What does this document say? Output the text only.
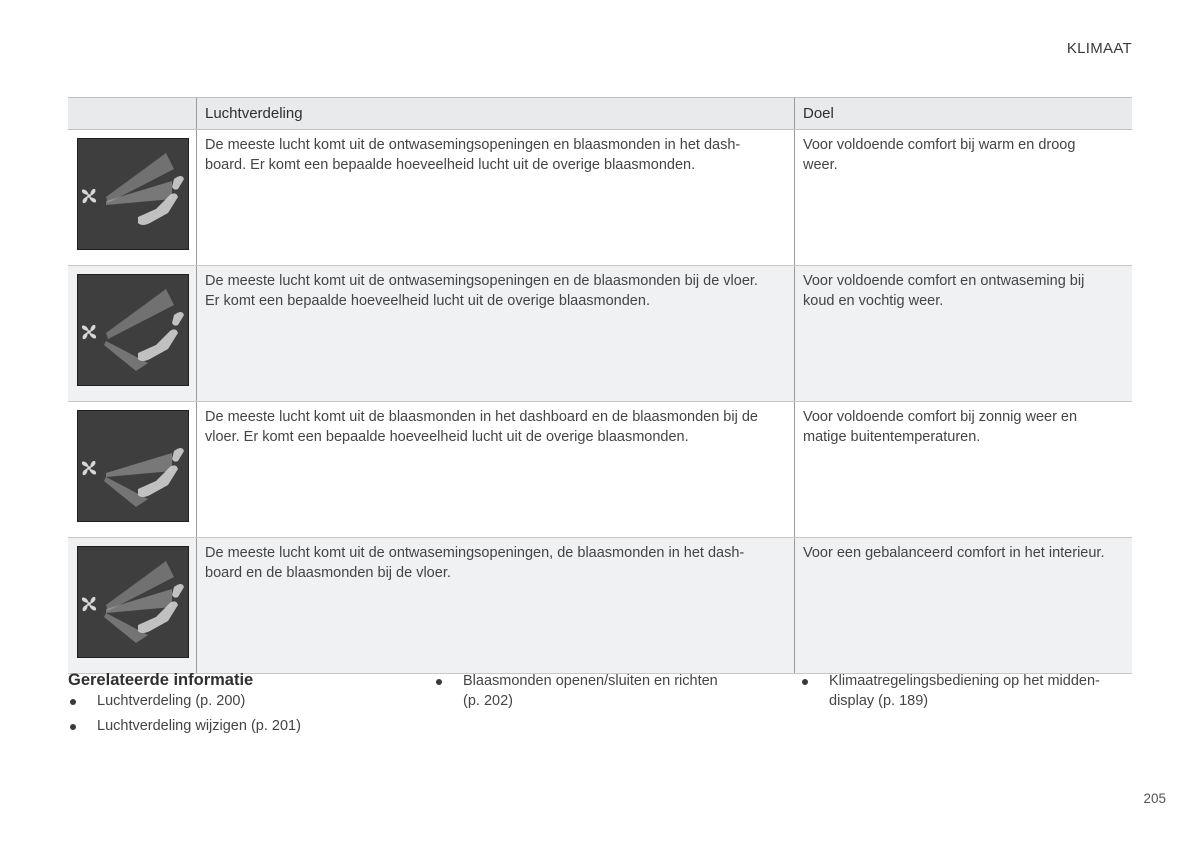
KLIMAAT
	Luchtverdeling	Doel

	De meeste lucht komt uit de ontwasemingsopeningen en blaasmonden in het dash-
board. Er komt een bepaalde hoeveelheid lucht uit de overige blaasmonden.	Voor voldoende comfort bij warm en droog
weer.

	De meeste lucht komt uit de ontwasemingsopeningen en de blaasmonden bij de vloer.
Er komt een bepaalde hoeveelheid lucht uit de overige blaasmonden.	Voor voldoende comfort en ontwaseming bij
koud en vochtig weer.

	De meeste lucht komt uit de blaasmonden in het dashboard en de blaasmonden bij de
vloer. Er komt een bepaalde hoeveelheid lucht uit de overige blaasmonden.	Voor voldoende comfort bij zonnig weer en
matige buitentemperaturen.

	De meeste lucht komt uit de ontwasemingsopeningen, de blaasmonden in het dash-
board en de blaasmonden bij de vloer.	Voor een gebalanceerd comfort in het interieur.
Gerelateerde informatie
Luchtverdeling (p. 200)
Luchtverdeling wijzigen (p. 201)
Blaasmonden openen/sluiten en richten
(p. 202)
Klimaatregelingsbediening op het midden-
display (p. 189)
205
